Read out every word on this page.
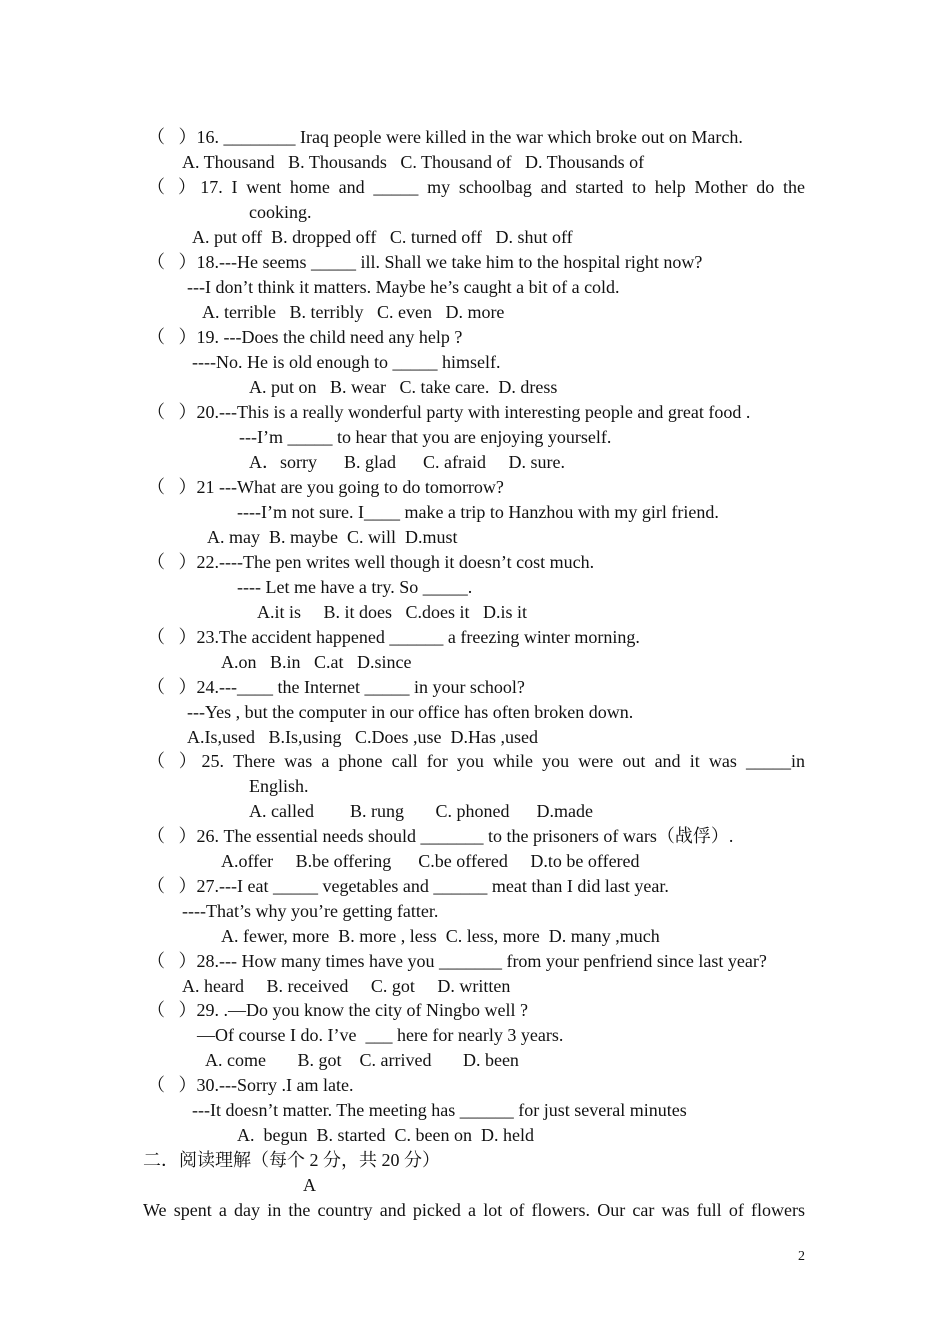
（   ）16. ________ Iraq people were killed in the war which broke out on March.
A. Thousand   B. Thousands   C. Thousand of   D. Thousands of
（ ）17. I went home and _____ my schoolbag and started to help Mother do the
cooking.
A. put off  B. dropped off   C. turned off   D. shut off
（   ）18.---He seems _____ ill. Shall we take him to the hospital right now?
---I don’t think it matters. Maybe he’s caught a bit of a cold.
A. terrible   B. terribly   C. even   D. more
（   ）19. ---Does the child need any help ?
----No. He is old enough to _____ himself.
A. put on   B. wear   C. take care.  D. dress
（   ）20.---This is a really wonderful party with interesting people and great food .
---I’m _____ to hear that you are enjoying yourself.
A．sorry      B. glad      C. afraid     D. sure.
（   ）21 ---What are you going to do tomorrow?
----I’m not sure. I____ make a trip to Hanzhou with my girl friend.
A. may  B. maybe  C. will  D.must
（   ）22.----The pen writes well though it doesn’t cost much.
---- Let me have a try. So _____.
A.it is     B. it does   C.does it   D.is it
（   ）23.The accident happened ______ a freezing winter morning.
A.on   B.in   C.at   D.since
（   ）24.---____ the Internet _____ in your school?
---Yes , but the computer in our office has often broken down.
A.Is,used   B.Is,using   C.Does ,use  D.Has ,used
（ ）25. There was a phone call for you while you were out and it was _____in
English.
A. called        B. rung       C. phoned      D.made
（   ）26. The essential needs should _______ to the prisoners of wars（战俘）.
A.offer     B.be offering      C.be offered     D.to be offered
（   ）27.---I eat _____ vegetables and ______ meat than I did last year.
----That’s why you’re getting fatter.
A. fewer, more  B. more , less  C. less, more  D. many ,much
（   ）28.--- How many times have you _______ from your penfriend since last year?
A. heard     B. received     C. got     D. written
（   ）29. .—Do you know the city of Ningbo well ?
—Of course I do. I’ve  ___ here for nearly 3 years.
A. come       B. got    C. arrived       D. been
（   ）30.---Sorry .I am late.
---It doesn’t matter. The meeting has ______ for just several minutes
A.  begun  B. started  C. been on  D. held
二．阅读理解（每个 2 分，共 20 分）
A
We spent a day in the country and picked a lot of flowers. Our car was full of flowers
2
